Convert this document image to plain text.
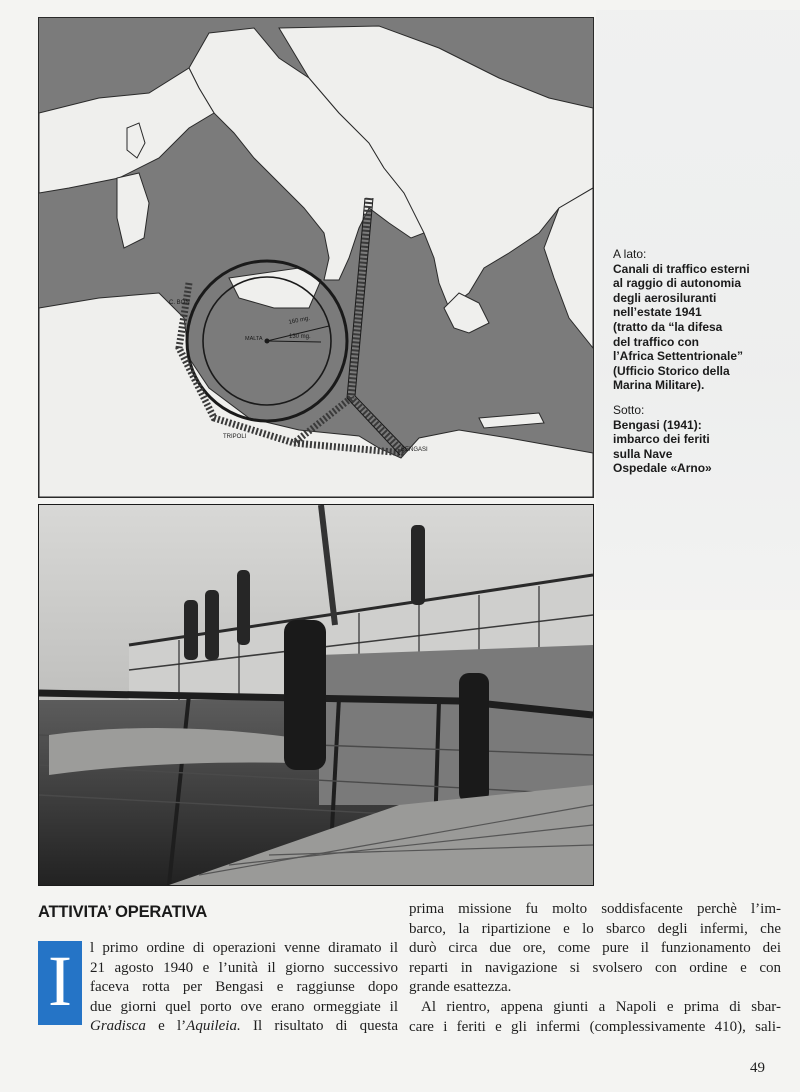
C. BON
MALTA
160 mg.
130 mg.
TRIPOLI
BENGASI
A lato:
Canali di traffico esterni
al raggio di autonomia
degli aerosiluranti
nell’estate 1941
(tratto da “la difesa
del traffico con
l’Africa Settentrionale”
(Ufficio Storico della
Marina Militare).
Sotto:
Bengasi (1941):
imbarco dei feriti
sulla Nave
Ospedale «Arno»
ATTIVITA’ OPERATIVA
I	l primo ordine di operazioni venne diramato il
21 agosto 1940 e l’unità il giorno successivo
faceva rotta per Bengasi e raggiunse dopo
due giorni quel porto ove erano ormeggiate il
Gradisca e l’Aquileia. Il risultato di questa

prima missione fu molto soddisfacente perchè l’im-
barco, la ripartizione e lo sbarco degli infermi, che
durò circa due ore, come pure il funzionamento dei
reparti in navigazione si svolsero con ordine e con
grande esattezza.

Al rientro, appena giunti a Napoli e prima di sbar-
care i feriti e gli infermi (complessivamente 410), sali-

49
